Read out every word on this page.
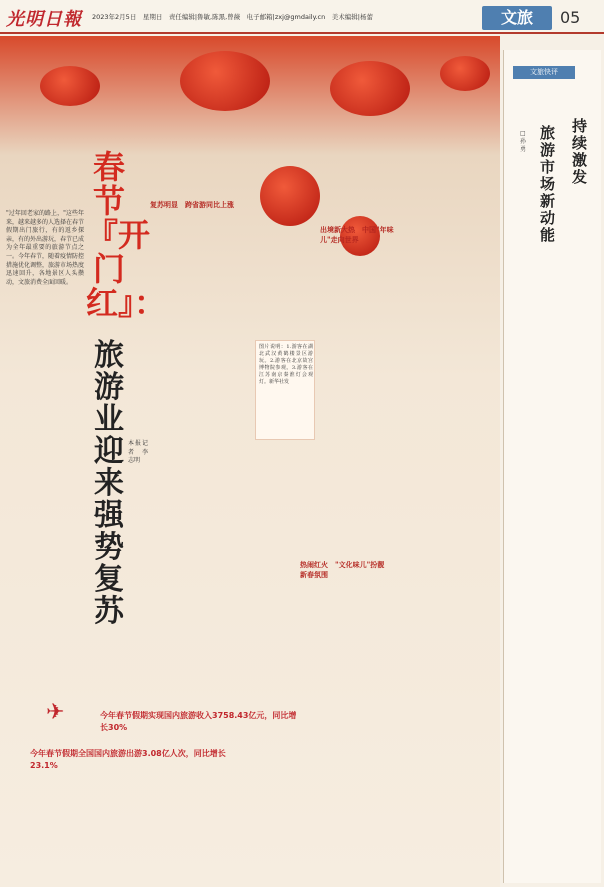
光明日報 2023年2月5日　星期日　责任编辑|鲁敏,陈黑,曾薇　电子邮箱|zxj@gmdaily.cn　美术编辑|杨蕾	文旅	05
"过年回老家的路上，"这些年来，越来越多的人选择在春节假期出门旅行，有的返乡探亲，有的外出游玩，春节已成为全年最重要的旅游节点之一。今年春节，随着疫情防控措施优化调整，旅游市场热度迅速回升，各地景区人头攒动，文旅消费全面回暖。
春节『开门红』：
旅游业迎来强势复苏
本报记者　李志明
复苏明显　跨省游同比上涨
出境新大热　中国"年味儿"走向世界
热闹红火　"文化味儿"扮靓新春氛围
图片说明：1.游客在湖北武汉黄鹤楼景区游玩。2.游客在北京故宫博物院参观。3.游客在江苏南京秦淮灯会观灯。新华社发
今年春节假期实现国内旅游收入3758.43亿元，同比增长30%
今年春节假期全国国内旅游出游3.08亿人次，同比增长23.1%
✈
文旅快评
持续激发
旅游市场新动能
□ 孙勇
